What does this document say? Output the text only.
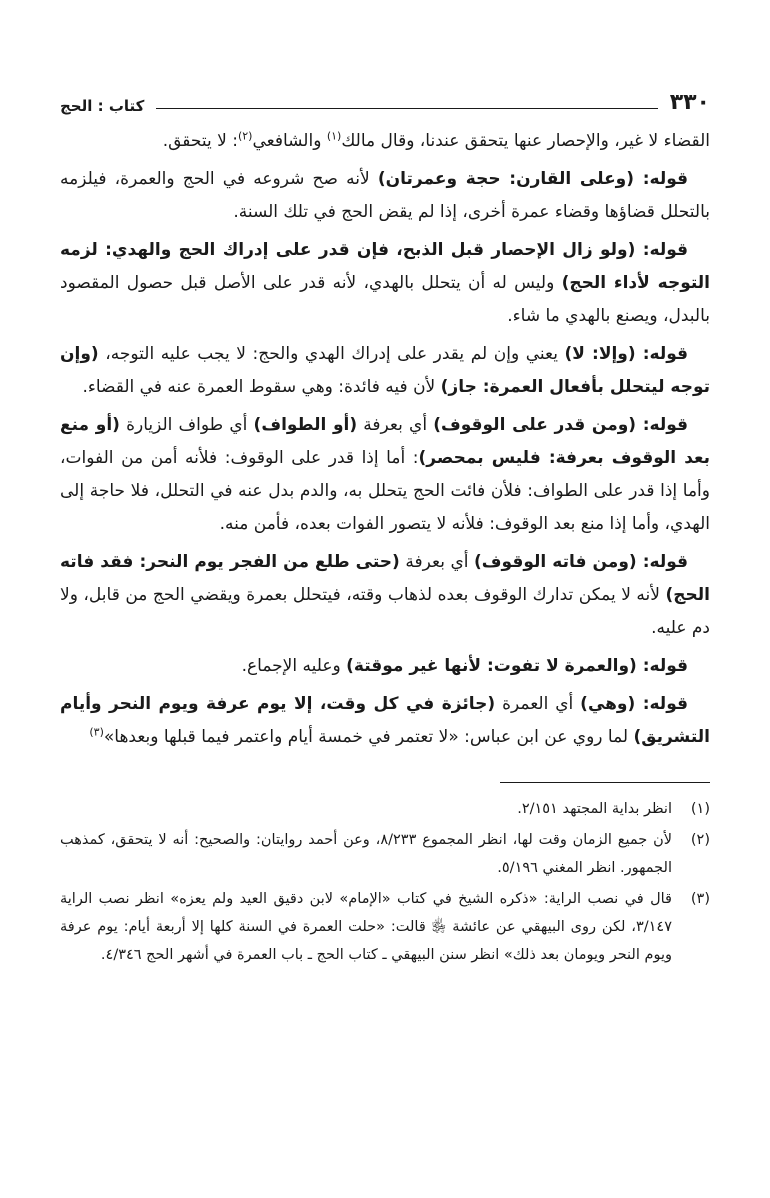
٣٣٠
كتاب : الحج

القضاء لا غير، والإحصار عنها يتحقق عندنا، وقال مالك$^{(١)}$ والشافعي$^{(٢)}$: لا يتحقق.

قوله: (وعلى القارن: حجة وعمرتان) لأنه صح شروعه في الحج والعمرة، فيلزمه بالتحلل قضاؤها وقضاء عمرة أخرى، إذا لم يقض الحج في تلك السنة.

قوله: (ولو زال الإحصار قبل الذبح، فإن قدر على إدراك الحج والهدي: لزمه التوجه لأداء الحج) وليس له أن يتحلل بالهدي، لأنه قدر على الأصل قبل حصول المقصود بالبدل، ويصنع بالهدي ما شاء.

قوله: (وإلا: لا) يعني وإن لم يقدر على إدراك الهدي والحج: لا يجب عليه التوجه، (وإن توجه ليتحلل بأفعال العمرة: جاز) لأن فيه فائدة: وهي سقوط العمرة عنه في القضاء.

قوله: (ومن قدر على الوقوف) أي بعرفة (أو الطواف) أي طواف الزيارة (أو منع بعد الوقوف بعرفة: فليس بمحصر): أما إذا قدر على الوقوف: فلأنه أمن من الفوات، وأما إذا قدر على الطواف: فلأن فائت الحج يتحلل به، والدم بدل عنه في التحلل، فلا حاجة إلى الهدي، وأما إذا منع بعد الوقوف: فلأنه لا يتصور الفوات بعده، فأمن منه.

قوله: (ومن فاته الوقوف) أي بعرفة (حتى طلع من الفجر يوم النحر: فقد فاته الحج) لأنه لا يمكن تدارك الوقوف بعده لذهاب وقته، فيتحلل بعمرة ويقضي الحج من قابل، ولا دم عليه.

قوله: (والعمرة لا تفوت: لأنها غير موقتة) وعليه الإجماع.

قوله: (وهي) أي العمرة (جائزة في كل وقت، إلا يوم عرفة ويوم النحر وأيام التشريق) لما روي عن ابن عباس: «لا تعتمر في خمسة أيام واعتمر فيما قبلها وبعدها»$^{(٣)}$

(١)
انظر بداية المجتهد ٢/١٥١.
(٢)
لأن جميع الزمان وقت لها، انظر المجموع ٨/٢٣٣، وعن أحمد روايتان: والصحيح: أنه لا يتحقق، كمذهب الجمهور. انظر المغني ٥/١٩٦.
(٣)
قال في نصب الراية: «ذكره الشيخ في كتاب «الإمام» لابن دقيق العيد ولم يعزه» انظر نصب الراية ٣/١٤٧، لكن روى البيهقي عن عائشة ﵂ قالت: «حلت العمرة في السنة كلها إلا أربعة أيام: يوم عرفة ويوم النحر ويومان بعد ذلك» انظر سنن البيهقي ـ كتاب الحج ـ باب العمرة في أشهر الحج ٤/٣٤٦.
